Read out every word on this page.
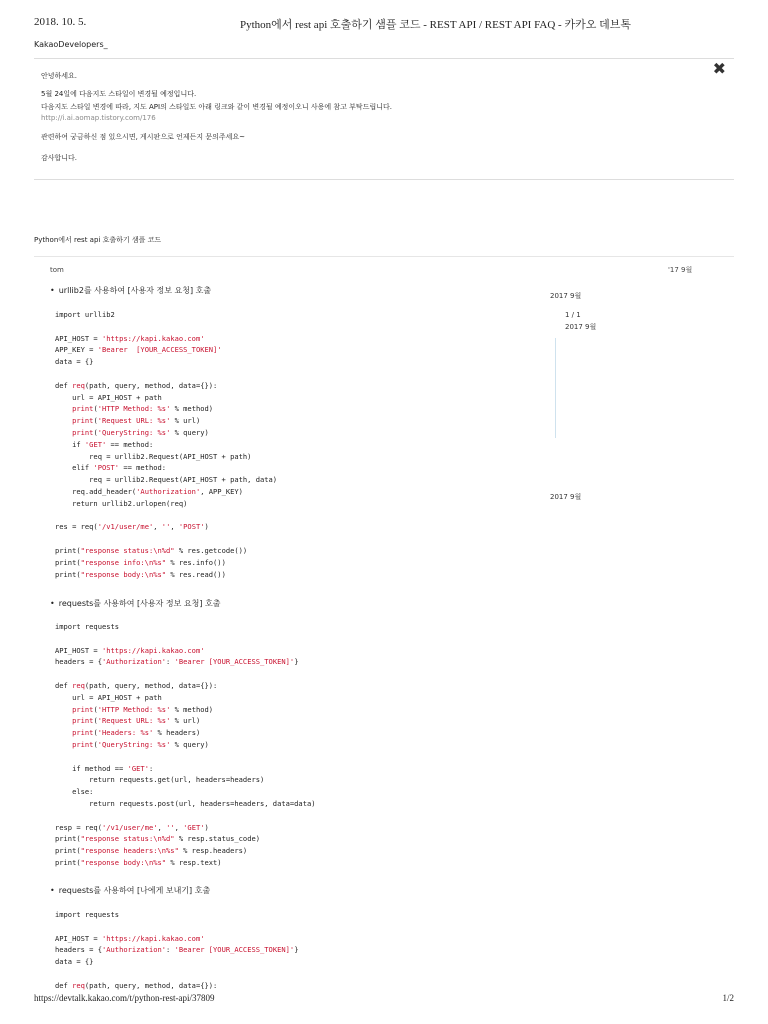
2018. 10. 5.	Python에서 rest api 호출하기 샘플 코드 - REST API / REST API FAQ - 카카오 데브톡
KakaoDevelopers_

안녕하세요.

5월 24일에 다음지도 스타일이 변경될 예정입니다.

다음지도 스타일 변경에 따라, 지도 API의 스타일도 아래 링크와 같이 변경될 예정이오니 사용에 참고 부탁드립니다.

http://i.ai.aomap.tistory.com/176

관련하여 궁금하신 점 있으시면, 게시판으로 언제든지 문의주세요~

감사합니다.

✖
Python에서 rest api 호출하기 샘플 코드
tom	'17 9월
2017 9월
1 / 1
2017 9월
2017 9월
• urllib2를 사용하여 [사용자 정보 요청] 호출
import urllib2

API_HOST = 'https://kapi.kakao.com'
APP_KEY = 'Bearer  [YOUR_ACCESS_TOKEN]'
data = {}

def req(path, query, method, data={}):
url = API_HOST + path
print('HTTP Method: %s' % method)
print('Request URL: %s' % url)
print('QueryString: %s' % query)
if 'GET' == method:
req = urllib2.Request(API_HOST + path)
elif 'POST' == method:
req = urllib2.Request(API_HOST + path, data)
req.add_header('Authorization', APP_KEY)
return urllib2.urlopen(req)

res = req('/v1/user/me', '', 'POST')

print("response status:\n%d" % res.getcode())
print("response info:\n%s" % res.info())
print("response body:\n%s" % res.read())
• requests를 사용하여 [사용자 정보 요청] 호출
import requests

API_HOST = 'https://kapi.kakao.com'
headers = {'Authorization': 'Bearer [YOUR_ACCESS_TOKEN]'}

def req(path, query, method, data={}):
url = API_HOST + path
print('HTTP Method: %s' % method)
print('Request URL: %s' % url)
print('Headers: %s' % headers)
print('QueryString: %s' % query)

if method == 'GET':
return requests.get(url, headers=headers)
else:
return requests.post(url, headers=headers, data=data)

resp = req('/v1/user/me', '', 'GET')
print("response status:\n%d" % resp.status_code)
print("response headers:\n%s" % resp.headers)
print("response body:\n%s" % resp.text)
• requests를 사용하여 [나에게 보내기] 호출
import requests

API_HOST = 'https://kapi.kakao.com'
headers = {'Authorization': 'Bearer [YOUR_ACCESS_TOKEN]'}
data = {}

def req(path, query, method, data={}):
https://devtalk.kakao.com/t/python-rest-api/37809	1/2
